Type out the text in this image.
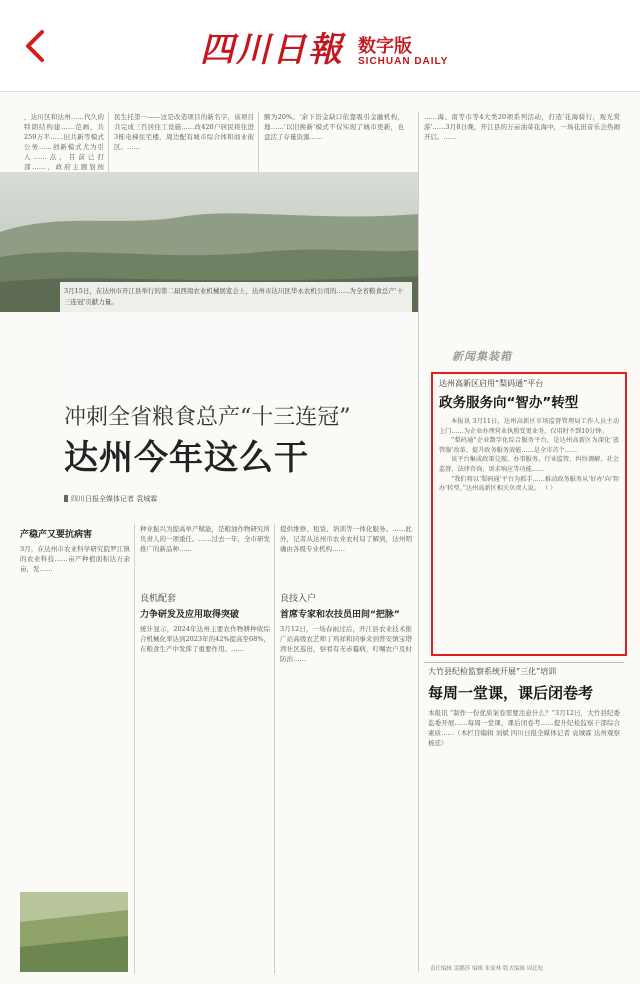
四川日報 数字版
SICHUAN DAILY
，达川区和达州……代久的特朗结构建……范画，共259万平……旧共新等模式公务……创新模式尤为引人……点，目前已打部……，政府主题划按
民生托第一——这是改造项目的新名字，该项目共完成三百居住工设施……改420户居民将住进3栋电梯住宅楼，周边配有城市综合体和商业街区。……
额为20%。'余下资金缺口依靠吸引金融机构，地……'以旧换新'模式不仅实现了城市更新，也盘活了存量资源……
……海、南等市等4大类20项系列活动，打造'花海骑行，观光赏游'……3月8日晚，开江县的万亩油菜花海中，一场花田音乐会热闹开启。……
3月15日，在达州市开江县举行的第二届西南农业机械展览会上，达州市达川区华永农机公司的……为全省粮食总产'十三连冠'贡献力量。
冲刺全省粮食总产“十三连冠”
达州今年这么干
四川日报全媒体记者 袁城霖
产稳产又要抗病害
3月，在达州市农业科学研究院罗江镇的农业科技……亩产种植面积达万余亩，发……
种业振兴为提高单产赋能，是粮油作物研究所负责人的一项重任。……过去一年，全市研发推广的新品种……
良机配套
力争研发及应用取得突破
统计显示，2024年达州主要农作物耕种收综合机械化率达到2023年的42%提高至68%，在粮食生产中发挥了重要作用。……
提供维修、租赁、培训等一体化服务。……此外，记者从达州市农业农村局了解到，达州明确由各级专业机构……
良技入户
首席专家和农技员田间“把脉”
3月12日，一场春雨过后，开江县农业技术推广站高级农艺师丁鸡祥和同事来到普安镇宝塔湾社区巡田，察看有无赤霉病，叮嘱农户及时防治……
新闻集装箱
达州高新区启用“梨码通”平台
政务服务向“智办”转型

本报讯 3月11日，达州高新区市场监督管理局工作人员主动上门……为企业办理营业执照变更业务，仅用时不到10分钟。

“梨码通”企业数字化综合服务平台，是达州高新区为深化‘放管服’改革、提升政务服务效能……是全市首个……

该平台集成政策兑现、办事服务、行业监管、纠纷调解、社会监督、法律咨询、诉求响应等功能……

“我们将以‘梨码通’平台为抓手……推动政务服务从‘好办’向‘智办’转型。”达州高新区相关负责人说。 （ ）

大竹县纪检监察系统开展“三化”培训
每周一堂课，课后闭卷考
本报讯 “制作一份优质案卷需要注意什么？”3月12日，大竹县纪委监委开展……每周一堂课，课后闭卷考……提升纪检监察干部综合素质……（本栏目编辑 刘斌 四川日报全媒体记者 袁城霖 达州观察 杨廷）
责任编辑 雷鹏莎 编辑 朱家林 版式编辑 周廷松
